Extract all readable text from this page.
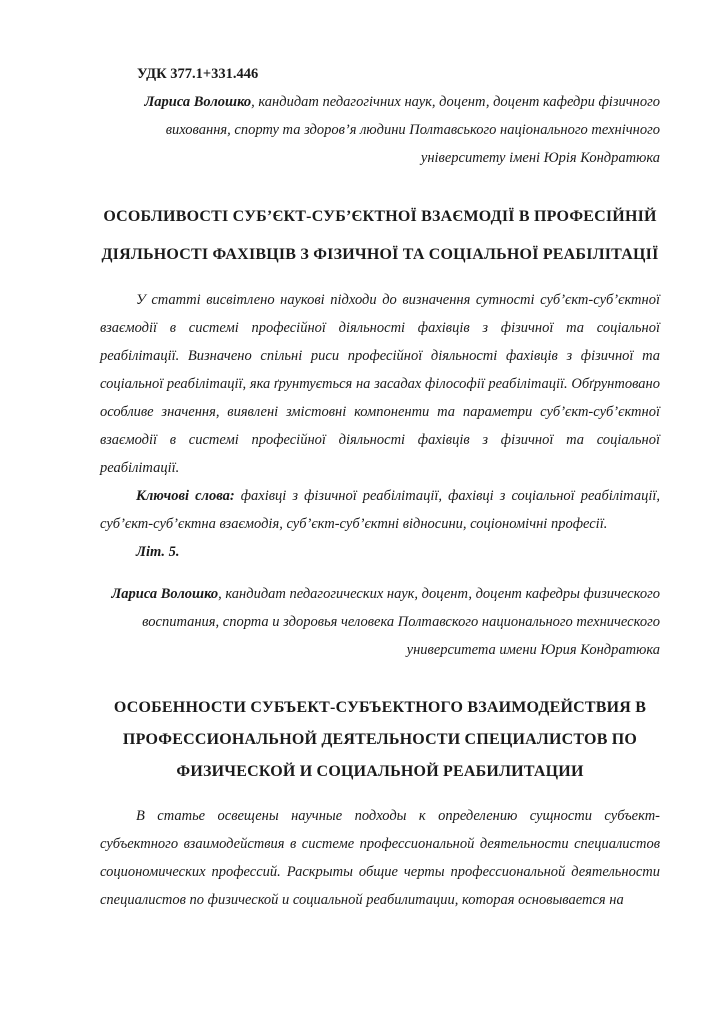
УДК 377.1+331.446
Лариса Волошко, кандидат педагогічних наук, доцент, доцент кафедри фізичного виховання, спорту та здоров’я людини Полтавського національного технічного університету імені Юрія Кондратюка
ОСОБЛИВОСТІ СУБ’ЄКТ-СУБ’ЄКТНОЇ ВЗАЄМОДІЇ В ПРОФЕСІЙНІЙ ДІЯЛЬНОСТІ ФАХІВЦІВ З ФІЗИЧНОЇ ТА СОЦІАЛЬНОЇ РЕАБІЛІТАЦІЇ

У статті висвітлено наукові підходи до визначення сутності суб’єкт-суб’єктної взаємодії в системі професійної діяльності фахівців з фізичної та соціальної реабілітації. Визначено спільні риси професійної діяльності фахівців з фізичної та соціальної реабілітації, яка ґрунтується на засадах філософії реабілітації. Обґрунтовано особливе значення, виявлені змістовні компоненти та параметри суб’єкт-суб’єктної взаємодії в системі професійної діяльності фахівців з фізичної та соціальної реабілітації.

Ключові слова: фахівці з фізичної реабілітації, фахівці з соціальної реабілітації, суб’єкт-суб’єктна взаємодія, суб’єкт-суб’єктні відносини, соціономічні професії.

Літ. 5.

Лариса Волошко, кандидат педагогических наук, доцент, доцент кафедры физического воспитания, спорта и здоровья человека Полтавского национального технического университета имени Юрия Кондратюка
ОСОБЕННОСТИ СУБЪЕКТ-СУБЪЕКТНОГО ВЗАИМОДЕЙСТВИЯ В ПРОФЕССИОНАЛЬНОЙ ДЕЯТЕЛЬНОСТИ СПЕЦИАЛИСТОВ ПО ФИЗИЧЕСКОЙ И СОЦИАЛЬНОЙ РЕАБИЛИТАЦИИ

В статье освещены научные подходы к определению сущности субъект-субъектного взаимодействия в системе профессиональной деятельности специалистов социономических профессий. Раскрыты общие черты профессиональной деятельности специалистов по физической и социальной реабилитации, которая основывается на
